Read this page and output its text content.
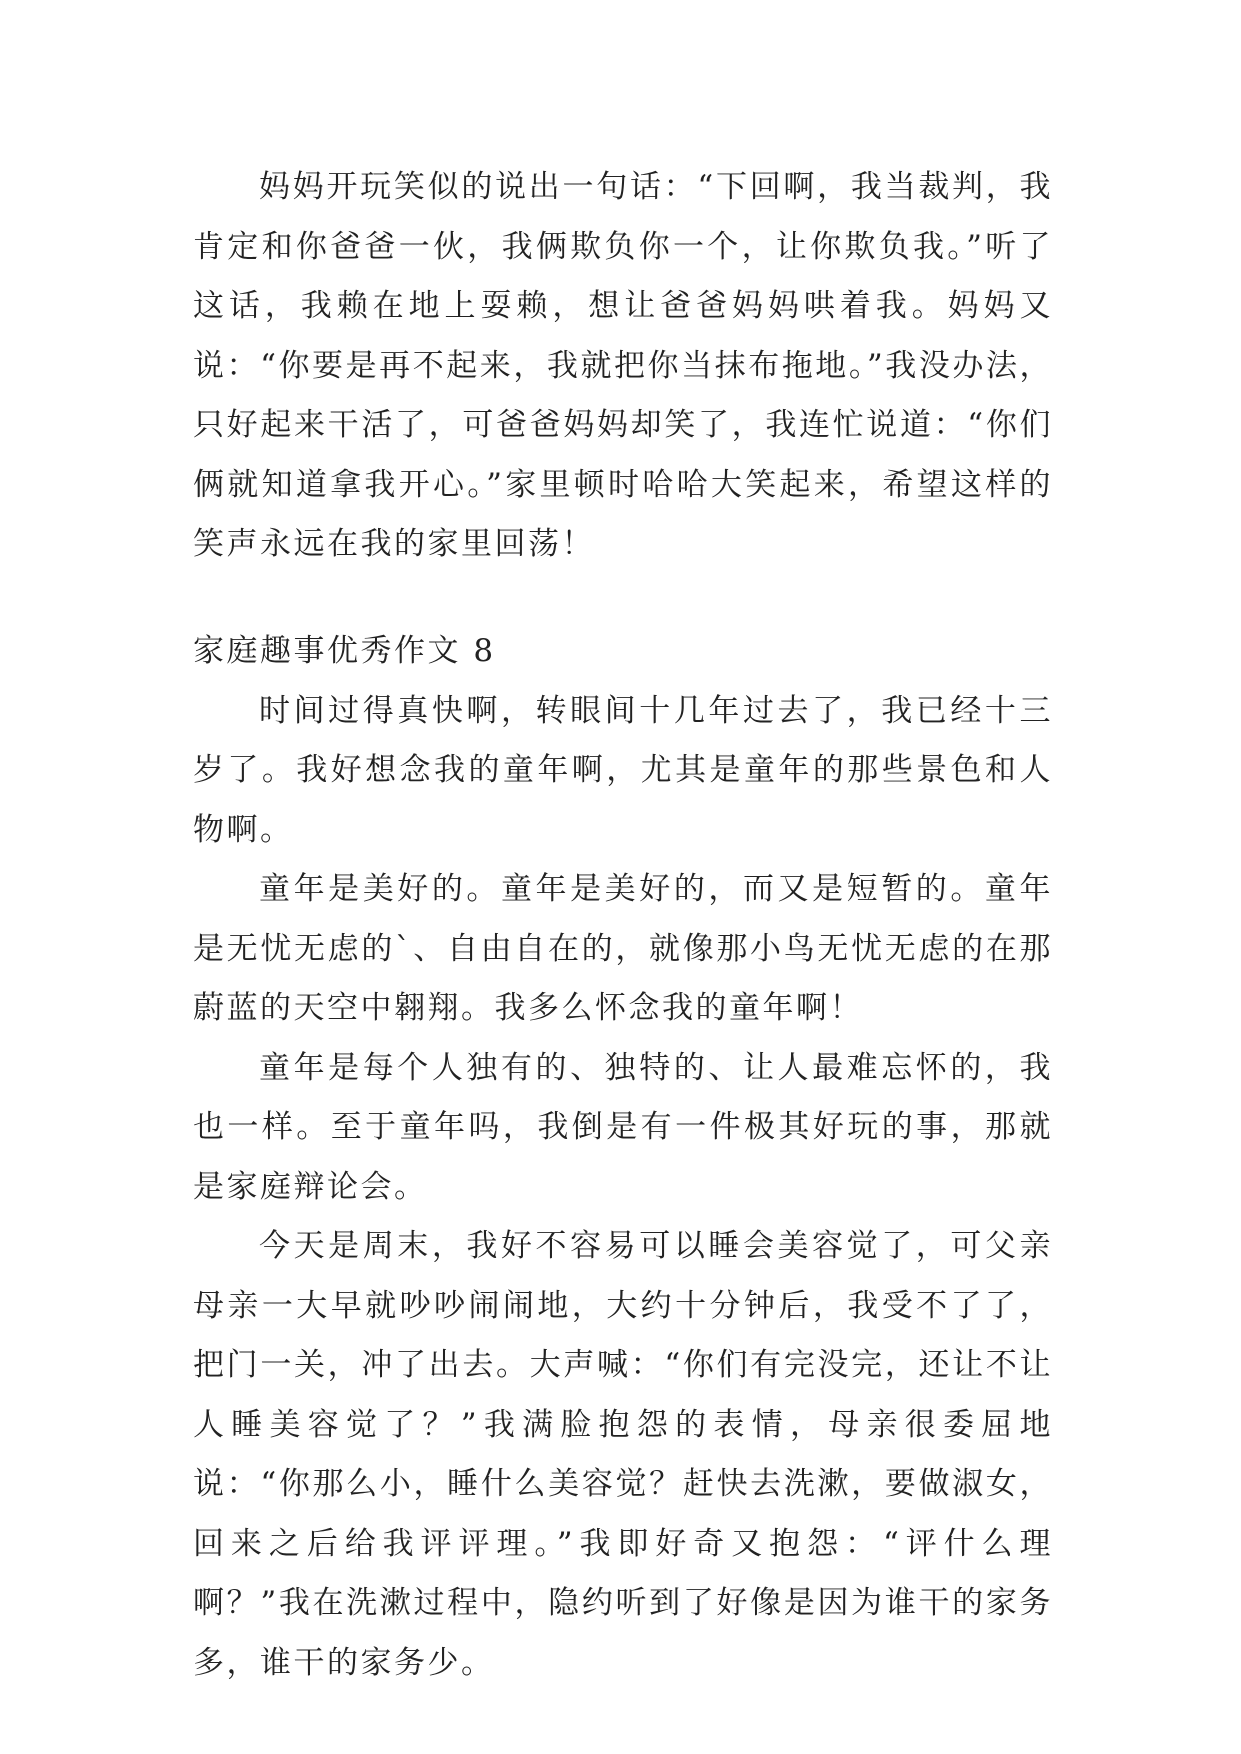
妈妈开玩笑似的说出一句话：“下回啊，我当裁判，我肯定和你爸爸一伙，我俩欺负你一个，让你欺负我。”听了这话，我赖在地上耍赖，想让爸爸妈妈哄着我。妈妈又说：“你要是再不起来，我就把你当抹布拖地。”我没办法，只好起来干活了，可爸爸妈妈却笑了，我连忙说道：“你们俩就知道拿我开心。”家里顿时哈哈大笑起来，希望这样的笑声永远在我的家里回荡！

家庭趣事优秀作文 8

时间过得真快啊，转眼间十几年过去了，我已经十三岁了。我好想念我的童年啊，尤其是童年的那些景色和人物啊。

童年是美好的。童年是美好的，而又是短暂的。童年是无忧无虑的`、自由自在的，就像那小鸟无忧无虑的在那蔚蓝的天空中翱翔。我多么怀念我的童年啊！

童年是每个人独有的、独特的、让人最难忘怀的，我也一样。至于童年吗，我倒是有一件极其好玩的事，那就是家庭辩论会。

今天是周末，我好不容易可以睡会美容觉了，可父亲母亲一大早就吵吵闹闹地，大约十分钟后，我受不了了，把门一关，冲了出去。大声喊：“你们有完没完，还让不让人睡美容觉了？”我满脸抱怨的表情，母亲很委屈地说：“你那么小，睡什么美容觉？赶快去洗漱，要做淑女，回来之后给我评评理。”我即好奇又抱怨：“评什么理啊？”我在洗漱过程中，隐约听到了好像是因为谁干的家务多，谁干的家务少。
